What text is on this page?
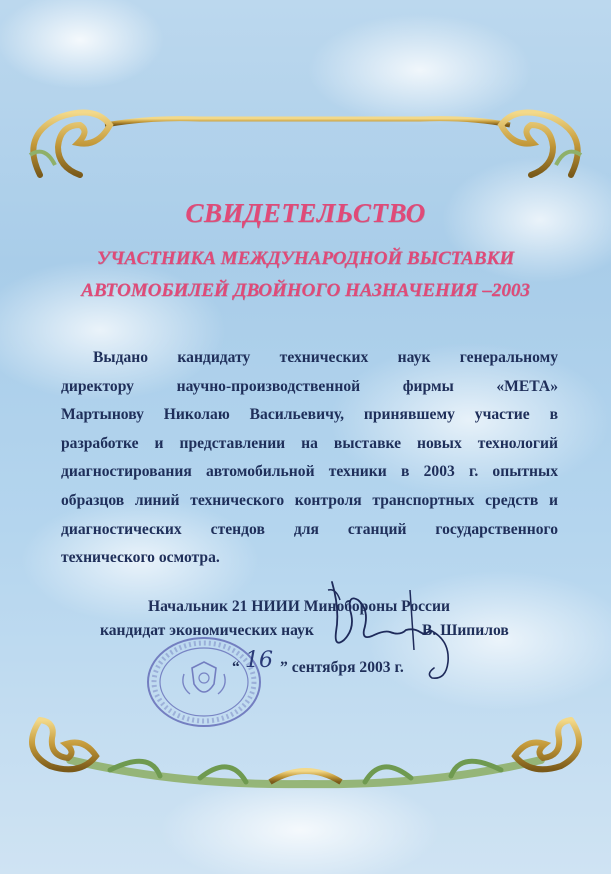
СВИДЕТЕЛЬСТВО
УЧАСТНИКА МЕЖДУНАРОДНОЙ ВЫСТАВКИ
АВТОМОБИЛЕЙ ДВОЙНОГО НАЗНАЧЕНИЯ –2003
Выдано кандидату технических наук генеральному
директору научно-производственной фирмы «МЕТА»
Мартынову Николаю Васильевичу, принявшему участие в
разработке и представлении на выставке новых технологий
диагностирования автомобильной техники в 2003 г. опытных
образцов линий технического контроля транспортных средств и
диагностических стендов для станций государственного
технического осмотра.
Начальник 21 НИИИ Минобороны России
кандидат экономических наук	В. Шипилов
“ 16 ” сентября 2003 г.
